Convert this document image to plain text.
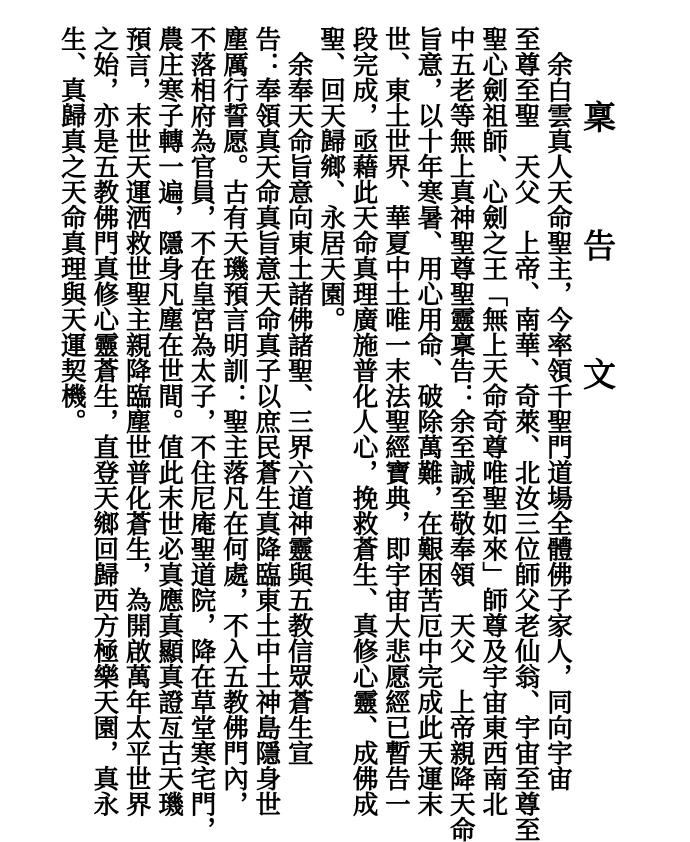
稟 告 文
　余白雲真人天命聖主，今率領千聖門道場全體佛子家人，同向宇宙
至尊至聖　天父　上帝、南華、奇萊、北汝三位師父老仙翁、宇宙至尊至
聖心劍祖師、心劍之王「無上天命奇尊唯聖如來」師尊及宇宙東西南北
中五老等無上真神聖尊聖靈稟告：余至誠至敬奉領　天父　上帝親降天命
旨意，以十年寒暑、用心用命、破除萬難，在艱困苦厄中完成此天運末
世、東土世界、華夏中土唯一末法聖經寶典，即宇宙大悲愿經已暫告一
段完成，亟藉此天命真理廣施普化人心，挽救蒼生、真修心靈、成佛成
聖、回天歸鄉、永居天園。
　余奉天命旨意向東土諸佛諸聖、三界六道神靈與五教信眾蒼生宣
告：奉領真天命真旨意天命真子以庶民蒼生真降臨東土中土神島隱身世
塵厲行誓愿。古有天璣預言明訓：聖主落凡在何處，不入五教佛門內，
不落相府為官員，不在皇宮為太子，不住尼庵聖道院，降在草堂寒宅門，
農庄寒子轉一遍，隱身凡塵在世間。值此末世必真應真顯真證亙古天璣
預言，末世天運洒救世聖主親降臨塵世普化蒼生，為開啟萬年太平世界
之始，亦是五教佛門真修心靈蒼生，直登天鄉回歸西方極樂天園，真永
生、真歸真之天命真理與天運契機。
